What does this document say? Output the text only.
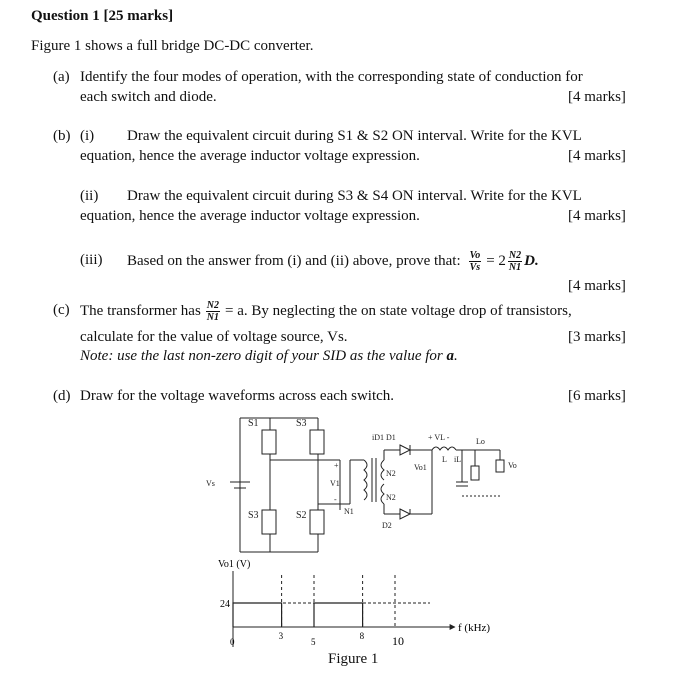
Question 1 [25 marks]
Figure 1 shows a full bridge DC-DC converter.
(a) Identify the four modes of operation, with the corresponding state of conduction for
each switch and diode.	[4 marks]
(b) (i) Draw the equivalent circuit during S1 & S2 ON interval. Write for the KVL
equation, hence the average inductor voltage expression.	[4 marks]
(ii) Draw the equivalent circuit during S3 & S4 ON interval. Write for the KVL
equation, hence the average inductor voltage expression.	[4 marks]
(iii) Based on the answer from (i) and (ii) above, prove that: $\frac{Vo}{Vs} = 2 \frac{N2}{N1} D$.
[4 marks]
(c) The transformer has $\frac{N2}{N1} = a$. By neglecting the on state voltage drop of transistors,
calculate for the value of voltage source, Vs.	[3 marks]
Note: use the last non-zero digit of your SID as the value for a.
(d) Draw for the voltage waveforms across each switch.	[6 marks]
S1	S3
S3	S2
Vs	V1
N1
N2
N2
iD1 D1
D2
+ VL -
L iL
Lo
Vo
Vo1
+
-
Vo1 (V)
f (kHz)
24
0
3
5
8 10
Figure 1
